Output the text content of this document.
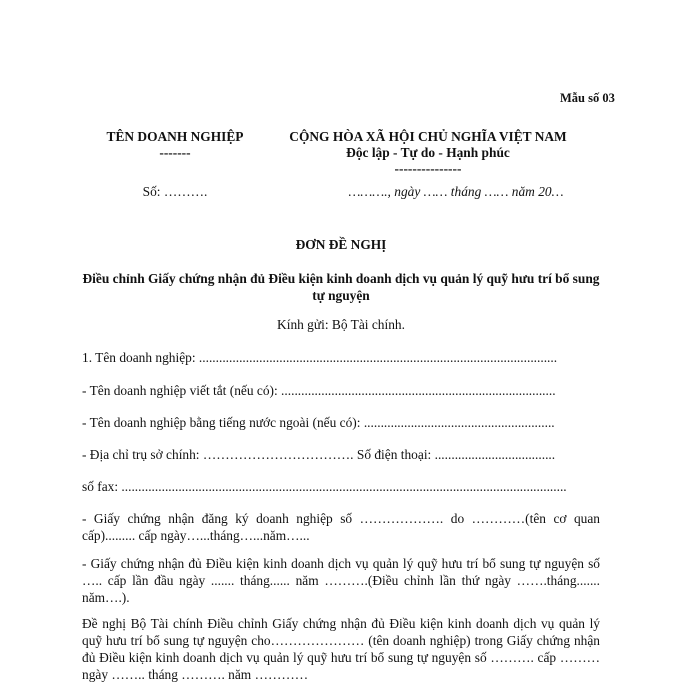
Mẫu số 03
TÊN DOANH NGHIỆP
-------
CỘNG HÒA XÃ HỘI CHỦ NGHĨA VIỆT NAM
Độc lập - Tự do - Hạnh phúc
---------------
Số: ……….	………., ngày …… tháng …… năm 20…
ĐƠN ĐỀ NGHỊ
Điều chỉnh Giấy chứng nhận đủ Điều kiện kinh doanh dịch vụ quản lý quỹ hưu trí bổ sung tự nguyện
Kính gửi: Bộ Tài chính.
1. Tên doanh nghiệp: ...........................................................................................................
- Tên doanh nghiệp viết tắt (nếu có): ..................................................................................
- Tên doanh nghiệp bằng tiếng nước ngoài (nếu có): .........................................................
- Địa chỉ trụ sở chính: ……………………………. Số điện thoại: ....................................
số fax: .....................................................................................................................................
- Giấy chứng nhận đăng ký doanh nghiệp số ………………. do …………(tên cơ quan cấp)......... cấp ngày…...tháng…...năm…...
- Giấy chứng nhận đủ Điều kiện kinh doanh dịch vụ quản lý quỹ hưu trí bổ sung tự nguyện số ….. cấp lần đầu ngày ....... tháng...... năm ……….(Điều chỉnh lần thứ ngày …….tháng....... năm….).
Đề nghị Bộ Tài chính Điều chỉnh Giấy chứng nhận đủ Điều kiện kinh doanh dịch vụ quản lý quỹ hưu trí bổ sung tự nguyện cho………………… (tên doanh nghiệp) trong Giấy chứng nhận đủ Điều kiện kinh doanh dịch vụ quản lý quỹ hưu trí bổ sung tự nguyện số ………. cấp ……… ngày …….. tháng ………. năm …………
